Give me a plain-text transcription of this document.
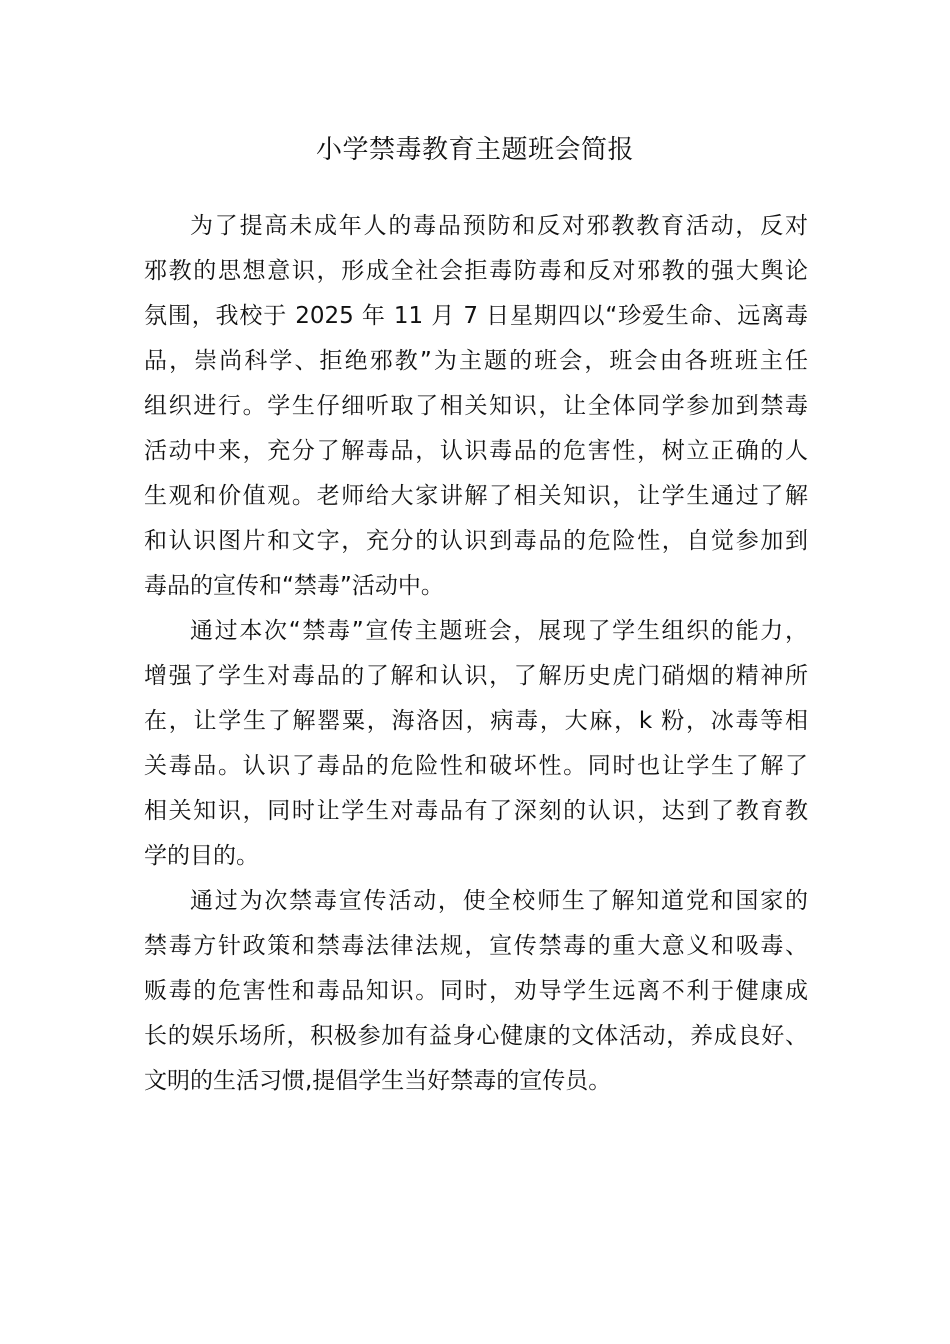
小学禁毒教育主题班会简报
为了提高未成年人的毒品预防和反对邪教教育活动，反对
邪教的思想意识，形成全社会拒毒防毒和反对邪教的强大舆论
氛围，我校于 2025 年 11 月 7 日星期四以“珍爱生命、远离毒
品，崇尚科学、拒绝邪教”为主题的班会，班会由各班班主任
组织进行。学生仔细听取了相关知识，让全体同学参加到禁毒
活动中来，充分了解毒品，认识毒品的危害性，树立正确的人
生观和价值观。老师给大家讲解了相关知识，让学生通过了解
和认识图片和文字，充分的认识到毒品的危险性，自觉参加到
毒品的宣传和“禁毒”活动中。
通过本次“禁毒”宣传主题班会，展现了学生组织的能力，
增强了学生对毒品的了解和认识，了解历史虎门硝烟的精神所
在，让学生了解罂粟，海洛因，病毒，大麻，k 粉，冰毒等相
关毒品。认识了毒品的危险性和破坏性。同时也让学生了解了
相关知识，同时让学生对毒品有了深刻的认识，达到了教育教
学的目的。
通过为次禁毒宣传活动，使全校师生了解知道党和国家的
禁毒方针政策和禁毒法律法规，宣传禁毒的重大意义和吸毒、
贩毒的危害性和毒品知识。同时，劝导学生远离不利于健康成
长的娱乐场所，积极参加有益身心健康的文体活动，养成良好、
文明的生活习惯,提倡学生当好禁毒的宣传员。
